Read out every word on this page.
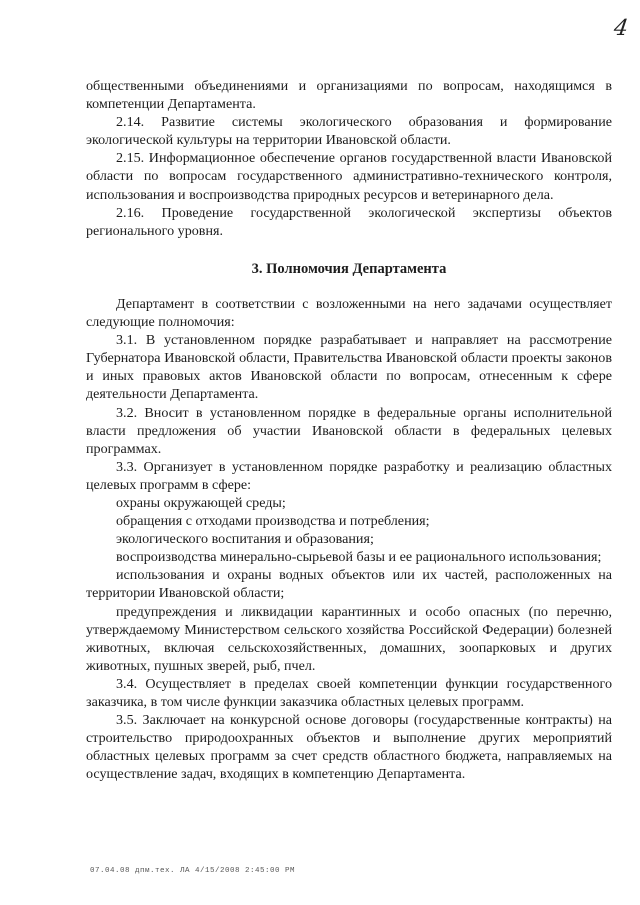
4

общественными объединениями и организациями по вопросам, находящимся в компетенции Департамента.

2.14. Развитие системы экологического образования и формирование экологической культуры на территории Ивановской области.

2.15. Информационное обеспечение органов государственной власти Ивановской области по вопросам государственного административно-технического контроля, использования и воспроизводства природных ресурсов и ветеринарного дела.

2.16. Проведение государственной экологической экспертизы объектов регионального уровня.

3. Полномочия Департамента

Департамент в соответствии с возложенными на него задачами осуществляет следующие полномочия:

3.1. В установленном порядке разрабатывает и направляет на рассмотрение Губернатора Ивановской области, Правительства Ивановской области проекты законов и иных правовых актов Ивановской области по вопросам, отнесенным к сфере деятельности Департамента.

3.2. Вносит в установленном порядке в федеральные органы исполнительной власти предложения об участии Ивановской области в федеральных целевых программах.

3.3. Организует в установленном порядке разработку и реализацию областных целевых программ в сфере:

охраны окружающей среды;

обращения с отходами производства и потребления;

экологического воспитания и образования;

воспроизводства минерально-сырьевой базы и ее рационального использования;

использования и охраны водных объектов или их частей, расположенных на территории Ивановской области;

предупреждения и ликвидации карантинных и особо опасных (по перечню, утверждаемому Министерством сельского хозяйства Российской Федерации) болезней животных, включая сельскохозяйственных, домашних, зоопарковых и других животных, пушных зверей, рыб, пчел.

3.4. Осуществляет в пределах своей компетенции функции государственного заказчика, в том числе функции заказчика областных целевых программ.

3.5. Заключает на конкурсной основе договоры (государственные контракты) на строительство природоохранных объектов и выполнение других мероприятий областных целевых программ за счет средств областного бюджета, направляемых на осуществление задач, входящих в компетенцию Департамента.

07.04.08 дпм.тех. ЛА 4/15/2008 2:45:00 PM
